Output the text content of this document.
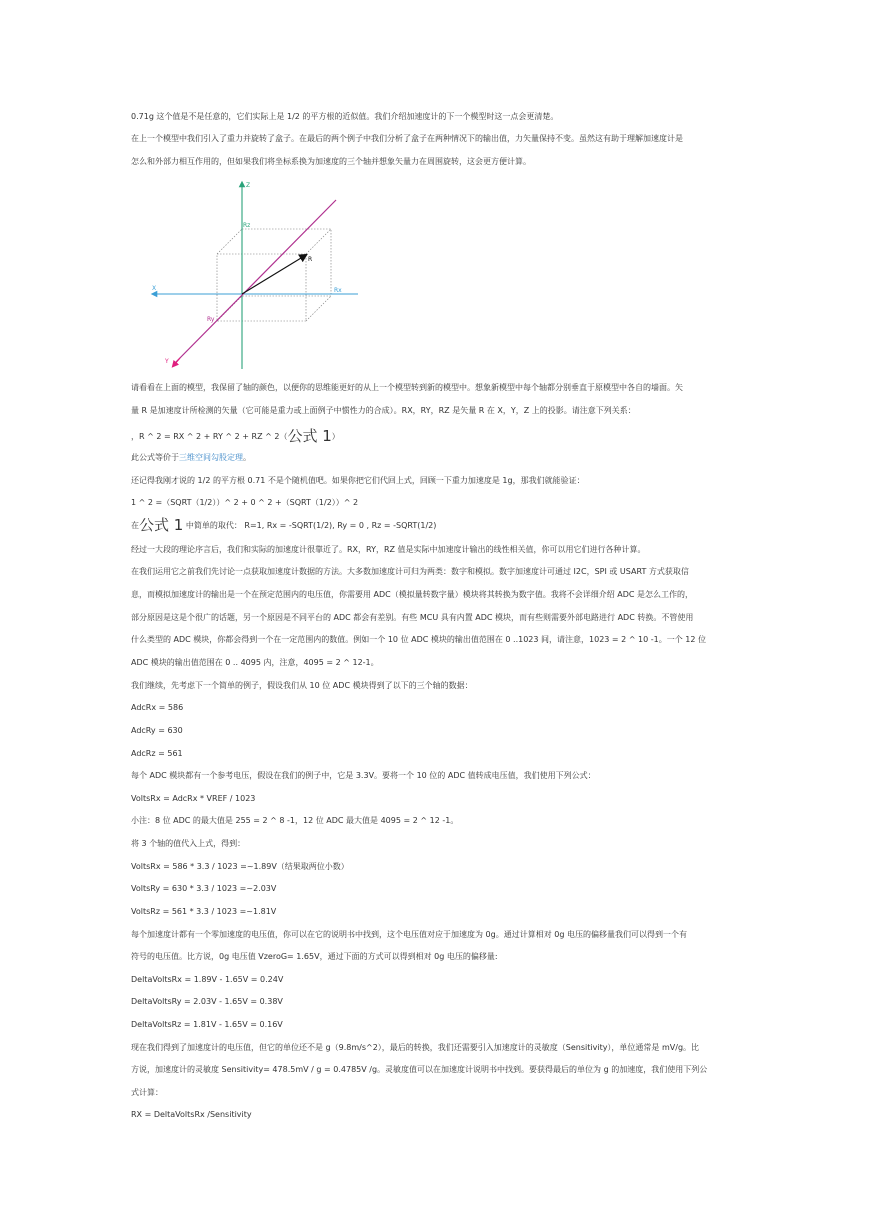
0.71g 这个值是不是任意的，它们实际上是 1/2 的平方根的近似值。我们介绍加速度计的下一个模型时这一点会更清楚。
在上一个模型中我们引入了重力并旋转了盒子。在最后的两个例子中我们分析了盒子在两种情况下的输出值，力矢量保持不变。虽然这有助于理解加速度计是
怎么和外部力相互作用的，但如果我们将坐标系换为加速度的三个轴并想象矢量力在周围旋转，这会更方便计算。
Z
Rz
R
X	Rx
Ry
Y
请看看在上面的模型，我保留了轴的颜色，以便你的思维能更好的从上一个模型转到新的模型中。想象新模型中每个轴都分别垂直于原模型中各自的墙面。矢
量 R 是加速度计所检测的矢量（它可能是重力或上面例子中惯性力的合成）。RX，RY，RZ 是矢量 R 在 X，Y，Z 上的投影。请注意下列关系：
，R ^ 2 = RX ^ 2 + RY ^ 2 + RZ ^ 2（公式 1）
此公式等价于三维空间勾股定理。
还记得我刚才说的 1/2 的平方根 0.71 不是个随机值吧。如果你把它们代回上式，回顾一下重力加速度是 1g，那我们就能验证：
1 ^ 2 =（SQRT（1/2））^ 2 + 0 ^ 2 +（SQRT（1/2））^ 2
在公式 1 中简单的取代： R=1, Rx = -SQRT(1/2), Ry = 0 , Rz = -SQRT(1/2)
经过一大段的理论序言后，我们和实际的加速度计很靠近了。RX，RY，RZ 值是实际中加速度计输出的线性相关值，你可以用它们进行各种计算。
在我们运用它之前我们先讨论一点获取加速度计数据的方法。大多数加速度计可归为两类：数字和模拟。数字加速度计可通过 I2C，SPI 或 USART 方式获取信
息，而模拟加速度计的输出是一个在预定范围内的电压值，你需要用 ADC（模拟量转数字量）模块将其转换为数字值。我将不会详细介绍 ADC 是怎么工作的，
部分原因是这是个很广的话题，另一个原因是不同平台的 ADC 都会有差别。有些 MCU 具有内置 ADC 模块，而有些则需要外部电路进行 ADC 转换。不管使用
什么类型的 ADC 模块，你都会得到一个在一定范围内的数值。例如一个 10 位 ADC 模块的输出值范围在 0 ..1023 间，请注意，1023 = 2 ^ 10 -1。一个 12 位
ADC 模块的输出值范围在 0 .. 4095 内，注意，4095 = 2 ^ 12-1。
我们继续，先考虑下一个简单的例子，假设我们从 10 位 ADC 模块得到了以下的三个轴的数据：
AdcRx = 586
AdcRy = 630
AdcRz = 561
每个 ADC 模块都有一个参考电压，假设在我们的例子中，它是 3.3V。要将一个 10 位的 ADC 值转成电压值，我们使用下列公式：
VoltsRx = AdcRx * VREF / 1023
小注：8 位 ADC 的最大值是 255 = 2 ^ 8 -1，12 位 ADC 最大值是 4095 = 2 ^ 12 -1。
将 3 个轴的值代入上式，得到：
VoltsRx = 586 * 3.3 / 1023 =~1.89V（结果取两位小数）
VoltsRy = 630 * 3.3 / 1023 =~2.03V
VoltsRz = 561 * 3.3 / 1023 =~1.81V
每个加速度计都有一个零加速度的电压值，你可以在它的说明书中找到，这个电压值对应于加速度为 0g。通过计算相对 0g 电压的偏移量我们可以得到一个有
符号的电压值。比方说，0g 电压值 VzeroG= 1.65V，通过下面的方式可以得到相对 0g 电压的偏移量:
DeltaVoltsRx = 1.89V - 1.65V = 0.24V
DeltaVoltsRy = 2.03V - 1.65V = 0.38V
DeltaVoltsRz = 1.81V - 1.65V = 0.16V
现在我们得到了加速度计的电压值，但它的单位还不是 g（9.8m/s^2），最后的转换，我们还需要引入加速度计的灵敏度（Sensitivity），单位通常是 mV/g。比
方说，加速度计的灵敏度 Sensitivity= 478.5mV / g = 0.4785V /g。灵敏度值可以在加速度计说明书中找到。要获得最后的单位为 g 的加速度，我们使用下列公
式计算：
RX = DeltaVoltsRx /Sensitivity
